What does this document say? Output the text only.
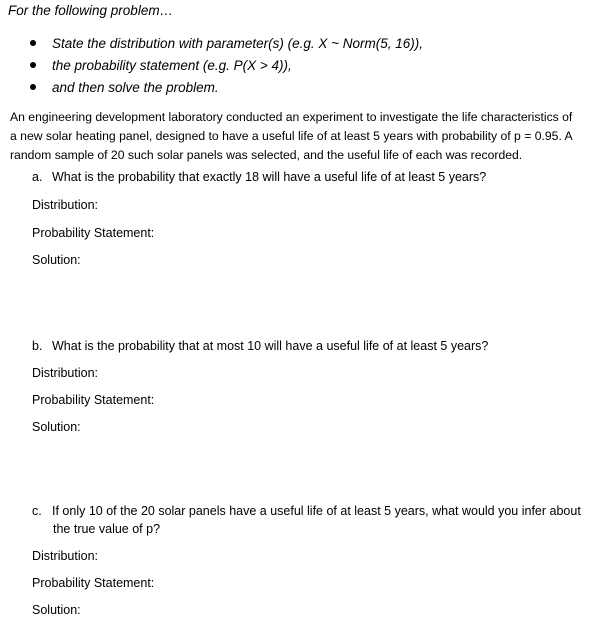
For the following problem…
State the distribution with parameter(s) (e.g. X ~ Norm(5, 16)),
the probability statement (e.g. P(X > 4)),
and then solve the problem.
An engineering development laboratory conducted an experiment to investigate the life characteristics of
a new solar heating panel, designed to have a useful life of at least 5 years with probability of p = 0.95. A
random sample of 20 such solar panels was selected, and the useful life of each was recorded.
a. What is the probability that exactly 18 will have a useful life of at least 5 years?
Distribution:
Probability Statement:
Solution:
b. What is the probability that at most 10 will have a useful life of at least 5 years?
Distribution:
Probability Statement:
Solution:
c. If only 10 of the 20 solar panels have a useful life of at least 5 years, what would you infer about
the true value of p?
Distribution:
Probability Statement:
Solution:
